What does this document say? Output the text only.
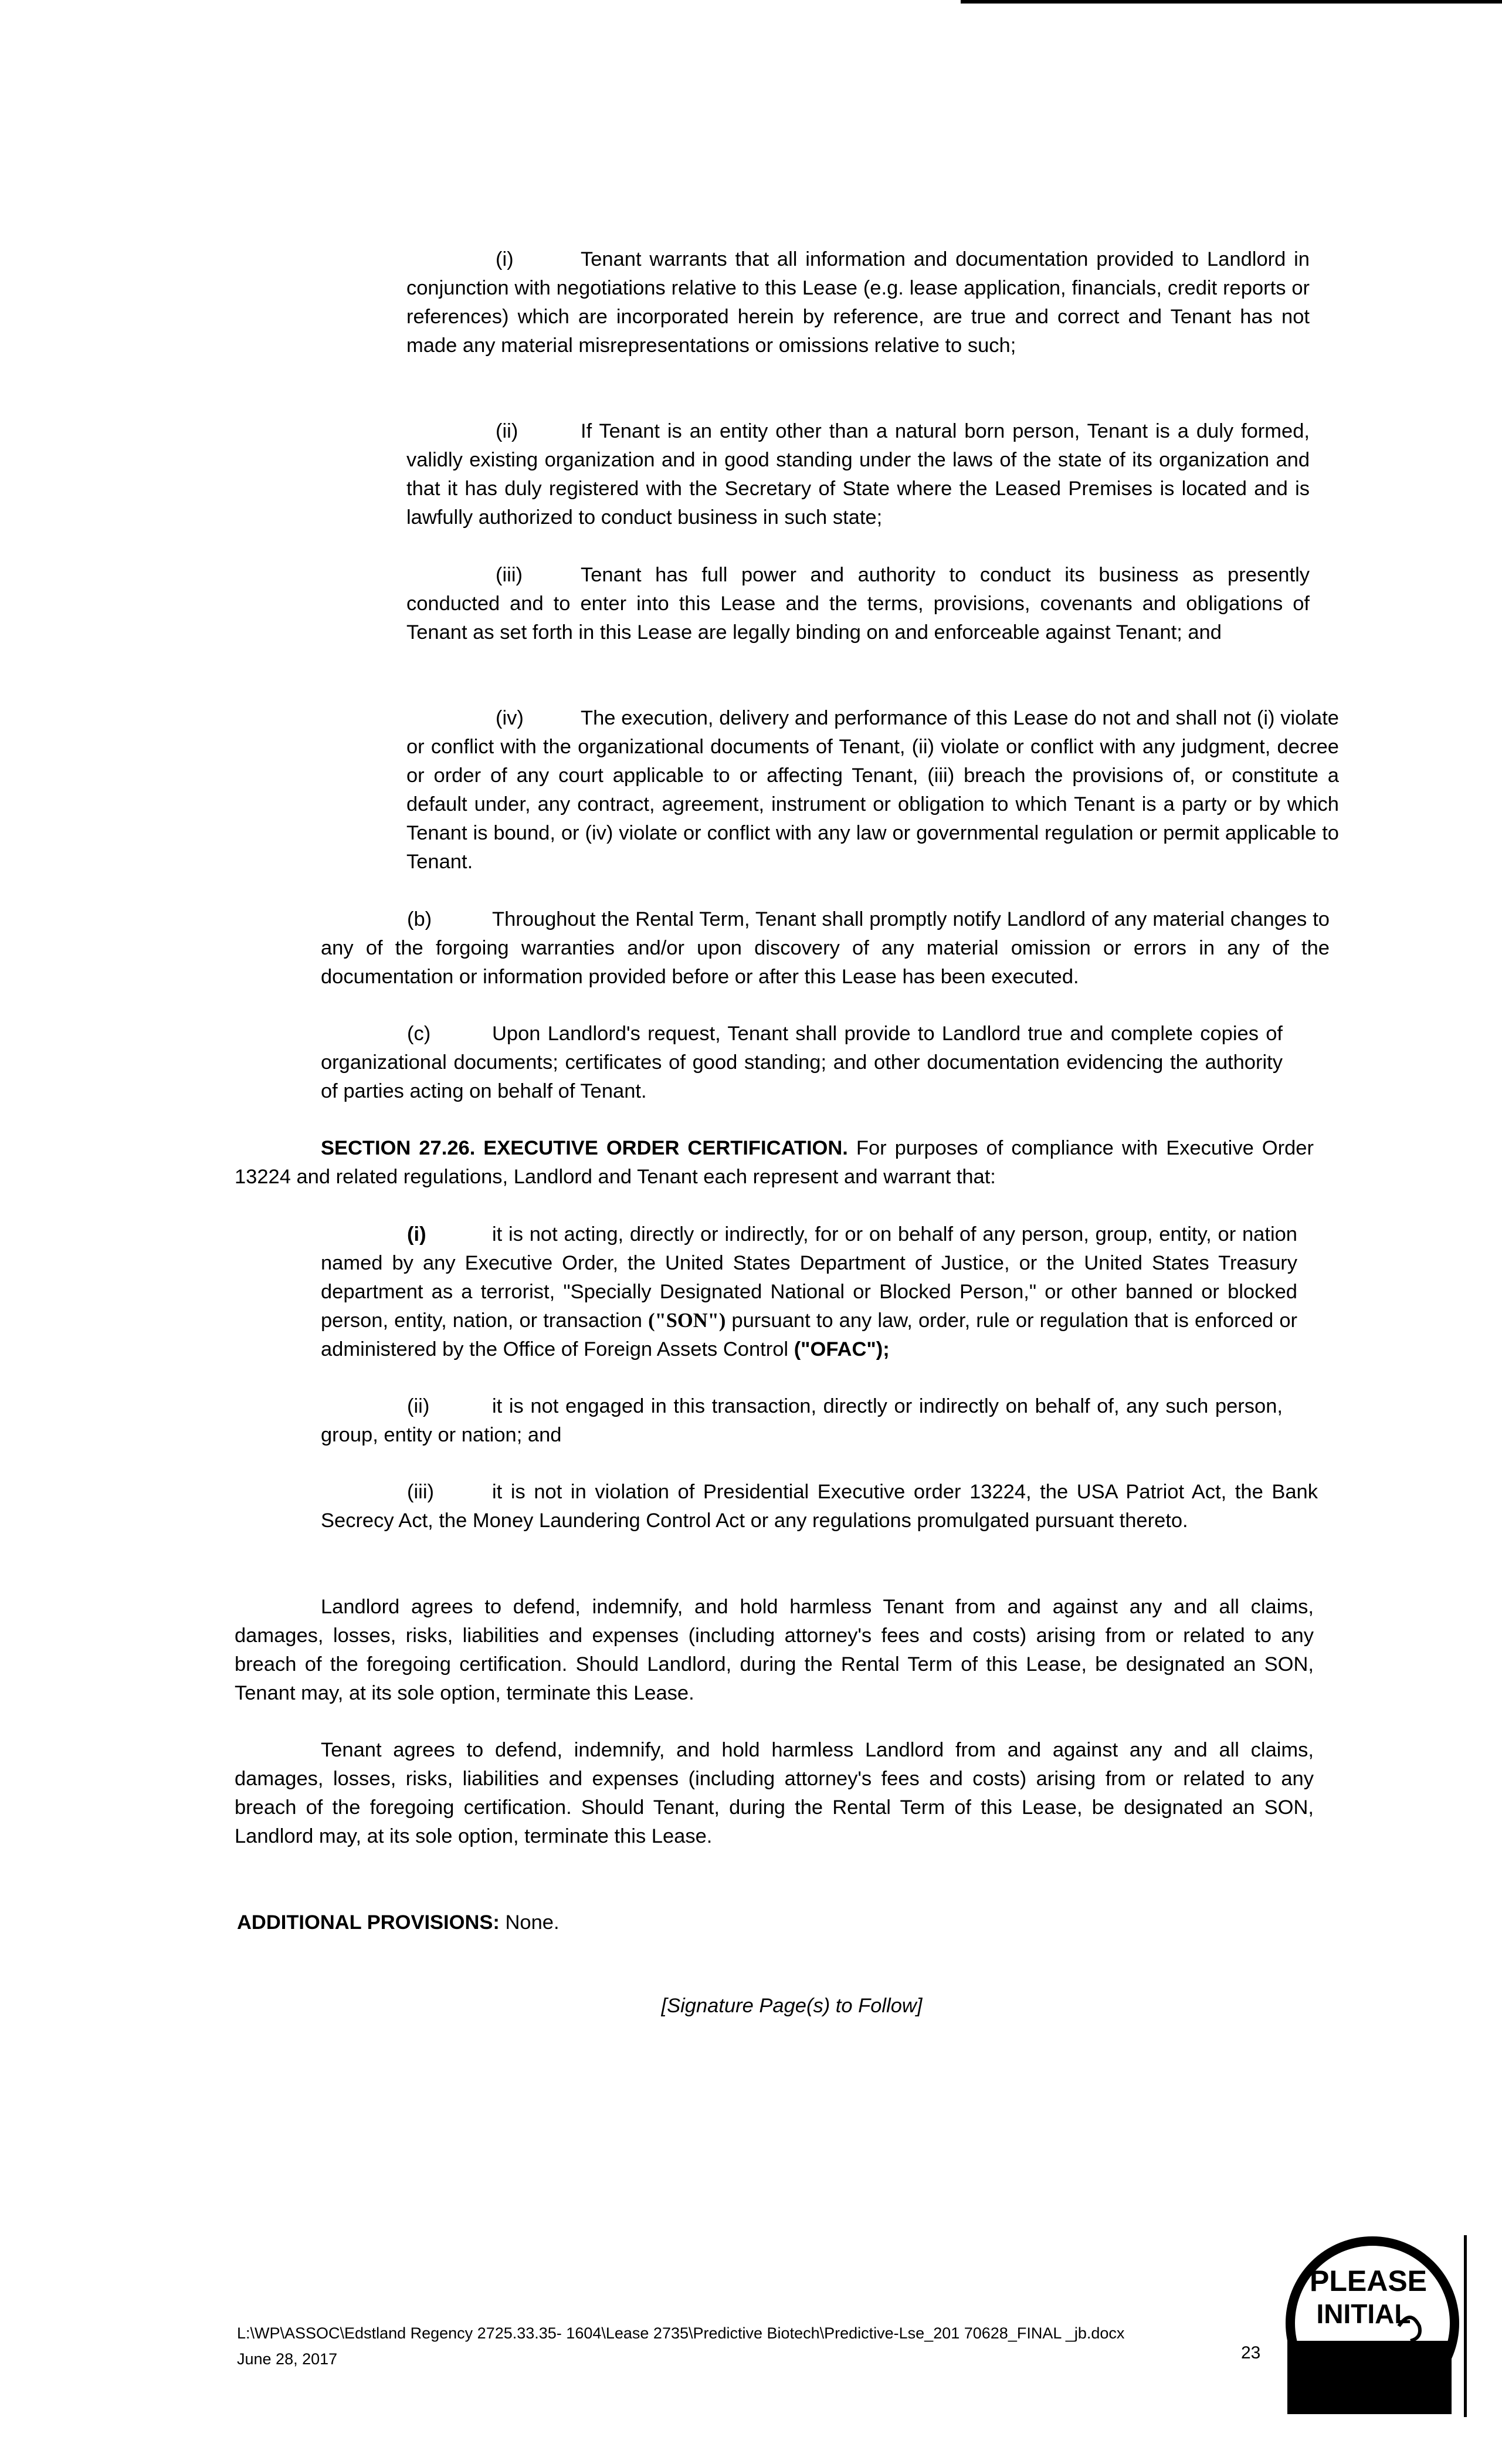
(i)	Tenant warrants that all information and documentation provided to Landlord in conjunction with negotiations relative to this Lease (e.g. lease application, financials, credit reports or references) which are incorporated herein by reference, are true and correct and Tenant has not made any material misrepresentations or omissions relative to such;

(ii)	If Tenant is an entity other than a natural born person, Tenant is a duly formed, validly existing organization and in good standing under the laws of the state of its organization and that it has duly registered with the Secretary of State where the Leased Premises is located and is lawfully authorized to conduct business in such state;

(iii)	Tenant has full power and authority to conduct its business as presently conducted and to enter into this Lease and the terms, provisions, covenants and obligations of Tenant as set forth in this Lease are legally binding on and enforceable against Tenant; and

(iv)	The execution, delivery and performance of this Lease do not and shall not (i) violate or conflict with the organizational documents of Tenant, (ii) violate or conflict with any judgment, decree or order of any court applicable to or affecting Tenant, (iii) breach the provisions of, or constitute a default under, any contract, agreement, instrument or obligation to which Tenant is a party or by which Tenant is bound, or (iv) violate or conflict with any law or governmental regulation or permit applicable to Tenant.

(b)	Throughout the Rental Term, Tenant shall promptly notify Landlord of any material changes to any of the forgoing warranties and/or upon discovery of any material omission or errors in any of the documentation or information provided before or after this Lease has been executed.

(c)	Upon Landlord's request, Tenant shall provide to Landlord true and complete copies of organizational documents; certificates of good standing; and other documentation evidencing the authority of parties acting on behalf of Tenant.

SECTION 27.26. EXECUTIVE ORDER CERTIFICATION. For purposes of compliance with Executive Order 13224 and related regulations, Landlord and Tenant each represent and warrant that:

(i)	it is not acting, directly or indirectly, for or on behalf of any person, group, entity, or nation named by any Executive Order, the United States Department of Justice, or the United States Treasury department as a terrorist, "Specially Designated National or Blocked Person," or other banned or blocked person, entity, nation, or transaction ("SON") pursuant to any law, order, rule or regulation that is enforced or administered by the Office of Foreign Assets Control ("OFAC");

(ii)	it is not engaged in this transaction, directly or indirectly on behalf of, any such person, group, entity or nation; and

(iii)	it is not in violation of Presidential Executive order 13224, the USA Patriot Act, the Bank Secrecy Act, the Money Laundering Control Act or any regulations promulgated pursuant thereto.

Landlord agrees to defend, indemnify, and hold harmless Tenant from and against any and all claims, damages, losses, risks, liabilities and expenses (including attorney's fees and costs) arising from or related to any breach of the foregoing certification. Should Landlord, during the Rental Term of this Lease, be designated an SON, Tenant may, at its sole option, terminate this Lease.

Tenant agrees to defend, indemnify, and hold harmless Landlord from and against any and all claims, damages, losses, risks, liabilities and expenses (including attorney's fees and costs) arising from or related to any breach of the foregoing certification. Should Tenant, during the Rental Term of this Lease, be designated an SON, Landlord may, at its sole option, terminate this Lease.

ADDITIONAL PROVISIONS: None.
[Signature Page(s) to Follow]
L:\WP\ASSOC\Edstland Regency 2725.33.35- 1604\Lease 2735\Predictive Biotech\Predictive-Lse_201 70628_FINAL _jb.docx
June 28, 2017	23
PLEASE
INITIAL
